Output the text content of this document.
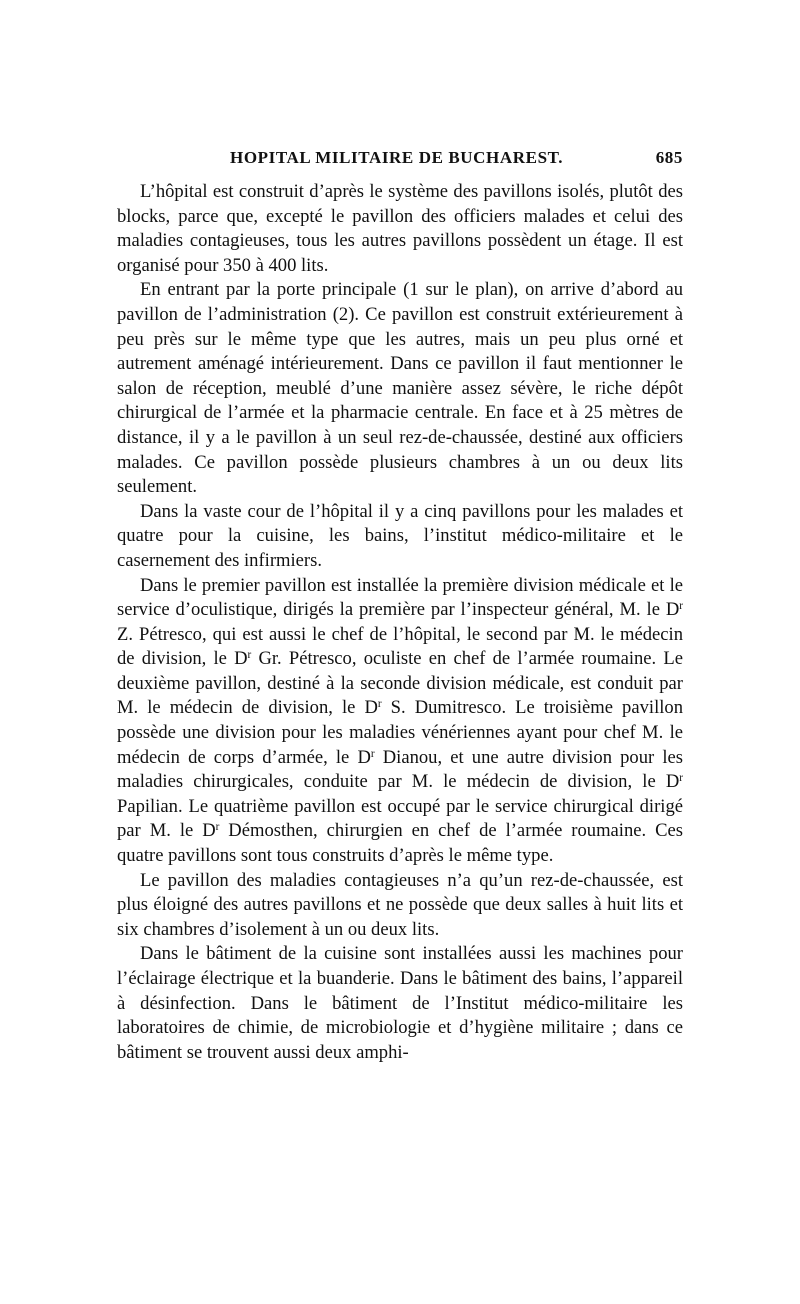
HOPITAL MILITAIRE DE BUCHAREST.	685

L’hôpital est construit d’après le système des pavillons isolés, plutôt des blocks, parce que, excepté le pavillon des officiers malades et celui des maladies contagieuses, tous les autres pavillons possèdent un étage. Il est organisé pour 350 à 400 lits.

En entrant par la porte principale (1 sur le plan), on arrive d’abord au pavillon de l’administration (2). Ce pavillon est construit extérieurement à peu près sur le même type que les autres, mais un peu plus orné et autrement aménagé intérieurement. Dans ce pavillon il faut mentionner le salon de réception, meublé d’une manière assez sévère, le riche dépôt chirurgical de l’armée et la pharmacie centrale. En face et à 25 mètres de distance, il y a le pavillon à un seul rez-de-chaussée, destiné aux officiers malades. Ce pavillon possède plusieurs chambres à un ou deux lits seulement.

Dans la vaste cour de l’hôpital il y a cinq pavillons pour les malades et quatre pour la cuisine, les bains, l’institut médico-militaire et le casernement des infirmiers.

Dans le premier pavillon est installée la première division médicale et le service d’oculistique, dirigés la première par l’inspecteur général, M. le $D^r$ Z. Pétresco, qui est aussi le chef de l’hôpital, le second par M. le médecin de division, le $D^r$ Gr. Pétresco, oculiste en chef de l’armée roumaine. Le deuxième pavillon, destiné à la seconde division médicale, est conduit par M. le médecin de division, le $D^r$ S. Dumitresco. Le troisième pavillon possède une division pour les maladies vénériennes ayant pour chef M. le médecin de corps d’armée, le $D^r$ Dianou, et une autre division pour les maladies chirurgicales, conduite par M. le médecin de division, le $D^r$ Papilian. Le quatrième pavillon est occupé par le service chirurgical dirigé par M. le $D^r$ Démosthen, chirurgien en chef de l’armée roumaine. Ces quatre pavillons sont tous construits d’après le même type.

Le pavillon des maladies contagieuses n’a qu’un rez-de-chaussée, est plus éloigné des autres pavillons et ne possède que deux salles à huit lits et six chambres d’isolement à un ou deux lits.

Dans le bâtiment de la cuisine sont installées aussi les machines pour l’éclairage électrique et la buanderie. Dans le bâtiment des bains, l’appareil à désinfection. Dans le bâtiment de l’Institut médico-militaire les laboratoires de chimie, de microbiologie et d’hygiène militaire ; dans ce bâtiment se trouvent aussi deux amphi-
